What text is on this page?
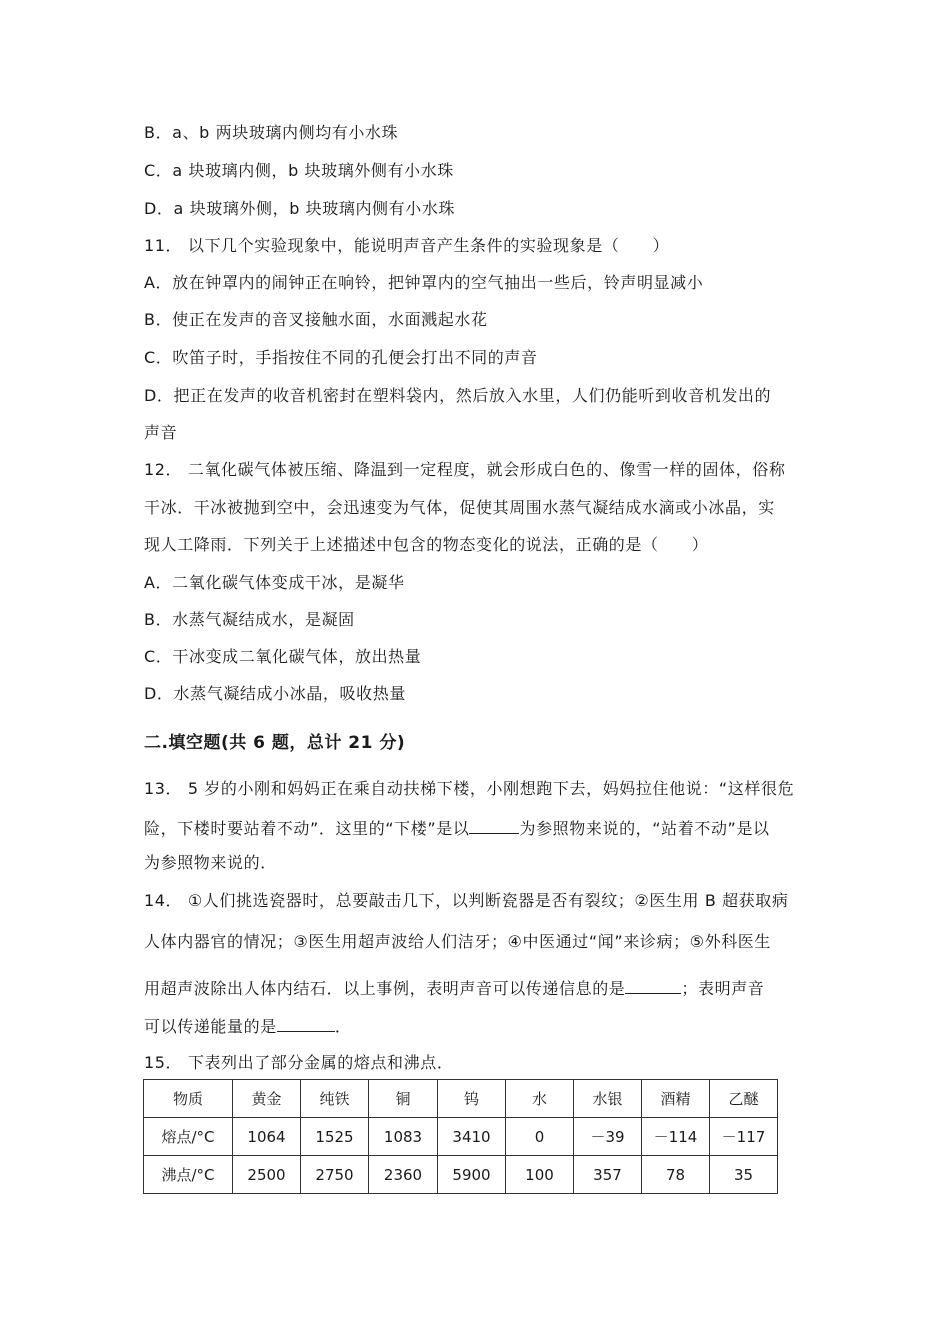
B．a、b 两块玻璃内侧均有小水珠
C．a 块玻璃内侧，b 块玻璃外侧有小水珠
D．a 块玻璃外侧，b 块玻璃内侧有小水珠
11． 以下几个实验现象中，能说明声音产生条件的实验现象是（　　）
A．放在钟罩内的闹钟正在响铃，把钟罩内的空气抽出一些后，铃声明显减小
B．使正在发声的音叉接触水面，水面溅起水花
C．吹笛子时，手指按住不同的孔便会打出不同的声音
D．把正在发声的收音机密封在塑料袋内，然后放入水里，人们仍能听到收音机发出的
声音
12． 二氧化碳气体被压缩、降温到一定程度，就会形成白色的、像雪一样的固体，俗称
干冰．干冰被抛到空中，会迅速变为气体，促使其周围水蒸气凝结成水滴或小冰晶，实
现人工降雨．下列关于上述描述中包含的物态变化的说法，正确的是（　　）
A．二氧化碳气体变成干冰，是凝华
B．水蒸气凝结成水，是凝固
C．干冰变成二氧化碳气体，放出热量
D．水蒸气凝结成小冰晶，吸收热量
二.填空题(共 6 题，总计 21 分)
13． 5 岁的小刚和妈妈正在乘自动扶梯下楼，小刚想跑下去，妈妈拉住他说：“这样很危
险，下楼时要站着不动”．这里的“下楼”是以	为参照物来说的，“站着不动”是以
为参照物来说的．
14． ①人们挑选瓷器时，总要敲击几下，以判断瓷器是否有裂纹；②医生用 B 超获取病
人体内器官的情况；③医生用超声波给人们洁牙；④中医通过“闻”来诊病；⑤外科医生
用超声波除出人体内结石．以上事例，表明声音可以传递信息的是	；表明声音
可以传递能量的是	．
15． 下表列出了部分金属的熔点和沸点．
物质	黄金	纯铁	铜	钨	水	水银	酒精	乙醚
熔点/°C	1064	1525	1083	3410	0	－39	－114	－117
沸点/°C	2500	2750	2360	5900	100	357	78	35
